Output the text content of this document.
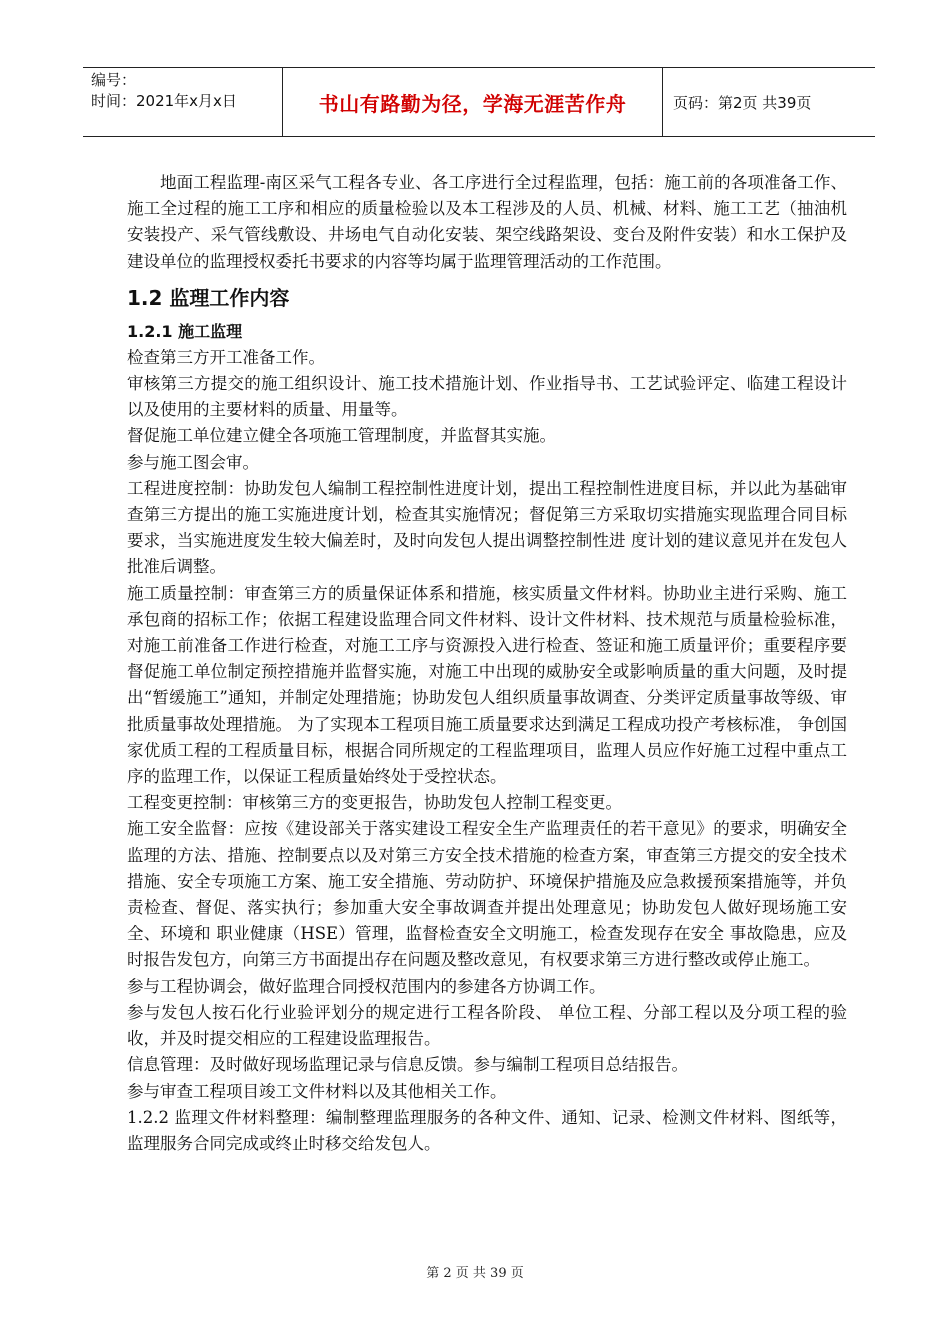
编号：
时间：2021年x月x日	书山有路勤为径，学海无涯苦作舟	页码：第2页 共39页

地面工程监理-南区采气工程各专业、各工序进行全过程监理，包括：施工前的各项准备工作、施工全过程的施工工序和相应的质量检验以及本工程涉及的人员、机械、材料、施工工艺（抽油机安装投产、采气管线敷设、井场电气自动化安装、架空线路架设、变台及附件安装）和水工保护及建设单位的监理授权委托书要求的内容等均属于监理管理活动的工作范围。

1.2 监理工作内容
1.2.1 施工监理

检查第三方开工准备工作。

审核第三方提交的施工组织设计、施工技术措施计划、作业指导书、工艺试验评定、临建工程设计以及使用的主要材料的质量、用量等。

督促施工单位建立健全各项施工管理制度，并监督其实施。

参与施工图会审。

工程进度控制：协助发包人编制工程控制性进度计划，提出工程控制性进度目标，并以此为基础审查第三方提出的施工实施进度计划，检查其实施情况；督促第三方采取切实措施实现监理合同目标要求，当实施进度发生较大偏差时，及时向发包人提出调整控制性进 度计划的建议意见并在发包人批准后调整。

施工质量控制：审查第三方的质量保证体系和措施，核实质量文件材料。协助业主进行采购、施工承包商的招标工作；依据工程建设监理合同文件材料、设计文件材料、技术规范与质量检验标准，对施工前准备工作进行检查，对施工工序与资源投入进行检查、签证和施工质量评价；重要程序要督促施工单位制定预控措施并监督实施，对施工中出现的威胁安全或影响质量的重大问题，及时提出“暂缓施工”通知，并制定处理措施；协助发包人组织质量事故调查、分类评定质量事故等级、审批质量事故处理措施。 为了实现本工程项目施工质量要求达到满足工程成功投产考核标准， 争创国家优质工程的工程质量目标，根据合同所规定的工程监理项目，监理人员应作好施工过程中重点工序的监理工作，以保证工程质量始终处于受控状态。

工程变更控制：审核第三方的变更报告，协助发包人控制工程变更。

施工安全监督：应按《建设部关于落实建设工程安全生产监理责任的若干意见》的要求，明确安全监理的方法、措施、控制要点以及对第三方安全技术措施的检查方案，审查第三方提交的安全技术措施、安全专项施工方案、施工安全措施、劳动防护、环境保护措施及应急救援预案措施等，并负责检查、督促、落实执行；参加重大安全事故调查并提出处理意见；协助发包人做好现场施工安全、环境和 职业健康（HSE）管理，监督检查安全文明施工，检查发现存在安全 事故隐患，应及时报告发包方，向第三方书面提出存在问题及整改意见，有权要求第三方进行整改或停止施工。

参与工程协调会，做好监理合同授权范围内的参建各方协调工作。

参与发包人按石化行业验评划分的规定进行工程各阶段、 单位工程、分部工程以及分项工程的验收，并及时提交相应的工程建设监理报告。

信息管理：及时做好现场监理记录与信息反馈。参与编制工程项目总结报告。

参与审查工程项目竣工文件材料以及其他相关工作。

1.2.2 监理文件材料整理：编制整理监理服务的各种文件、通知、记录、检测文件材料、图纸等，监理服务合同完成或终止时移交给发包人。

第 2 页 共 39 页
